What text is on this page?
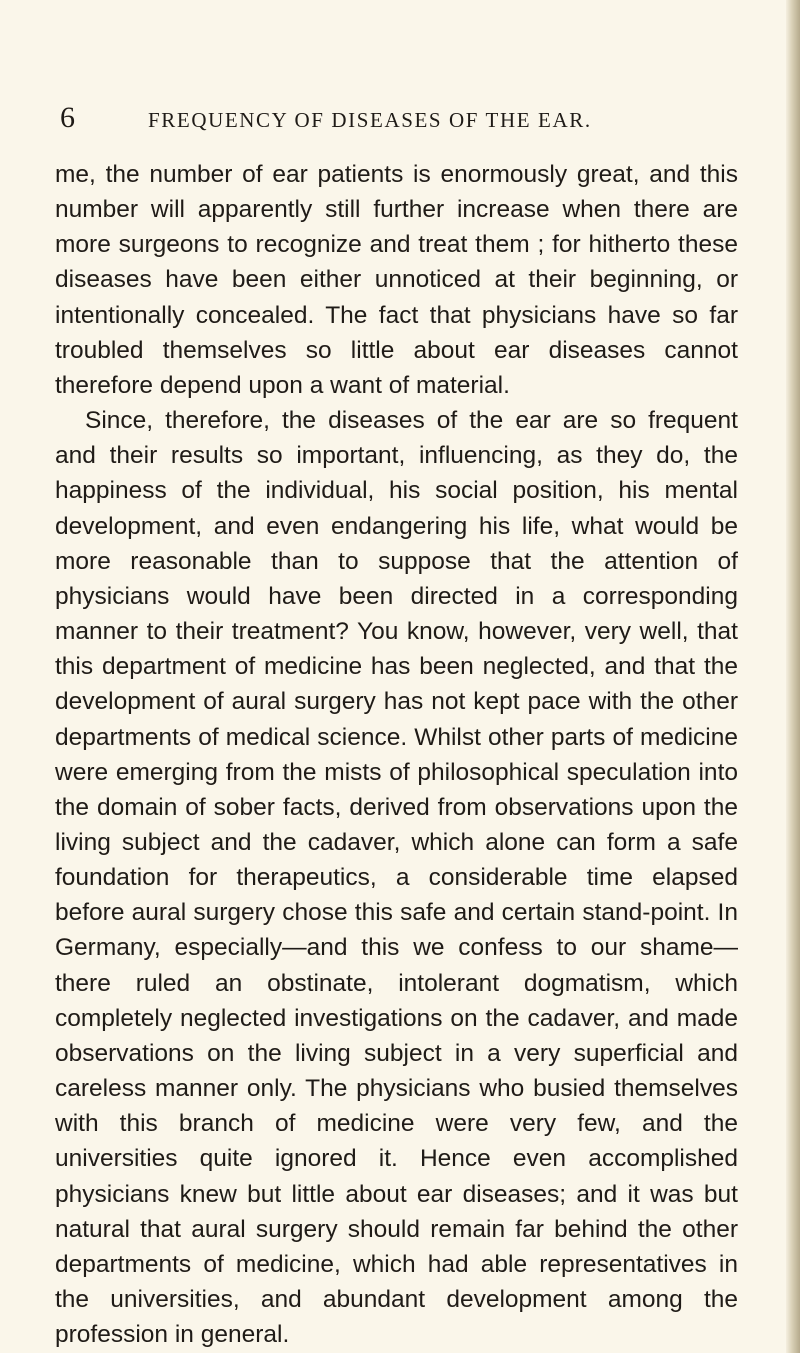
6	FREQUENCY OF DISEASES OF THE EAR.

me, the number of ear patients is enormously great, and this number will apparently still further increase when there are more surgeons to recognize and treat them ; for hitherto these diseases have been either unnoticed at their beginning, or intentionally concealed. The fact that physicians have so far troubled themselves so little about ear diseases cannot therefore depend upon a want of material.

Since, therefore, the diseases of the ear are so frequent and their results so important, influencing, as they do, the happiness of the individual, his social position, his mental development, and even endangering his life, what would be more reasonable than to suppose that the attention of physicians would have been directed in a corresponding manner to their treatment? You know, however, very well, that this department of medicine has been neglected, and that the development of aural surgery has not kept pace with the other departments of medical science. Whilst other parts of medicine were emerging from the mists of philosophical speculation into the domain of sober facts, derived from observations upon the living subject and the cadaver, which alone can form a safe foundation for therapeutics, a considerable time elapsed before aural surgery chose this safe and certain stand-point. In Germany, especially—and this we confess to our shame—there ruled an obstinate, intolerant dogmatism, which completely neglected investigations on the cadaver, and made observations on the living subject in a very superficial and careless manner only. The physicians who busied themselves with this branch of medicine were very few, and the universities quite ignored it. Hence even accomplished physicians knew but little about ear diseases; and it was but natural that aural surgery should remain far behind the other departments of medicine, which had able representatives in the universities, and abundant development among the profession in general.
